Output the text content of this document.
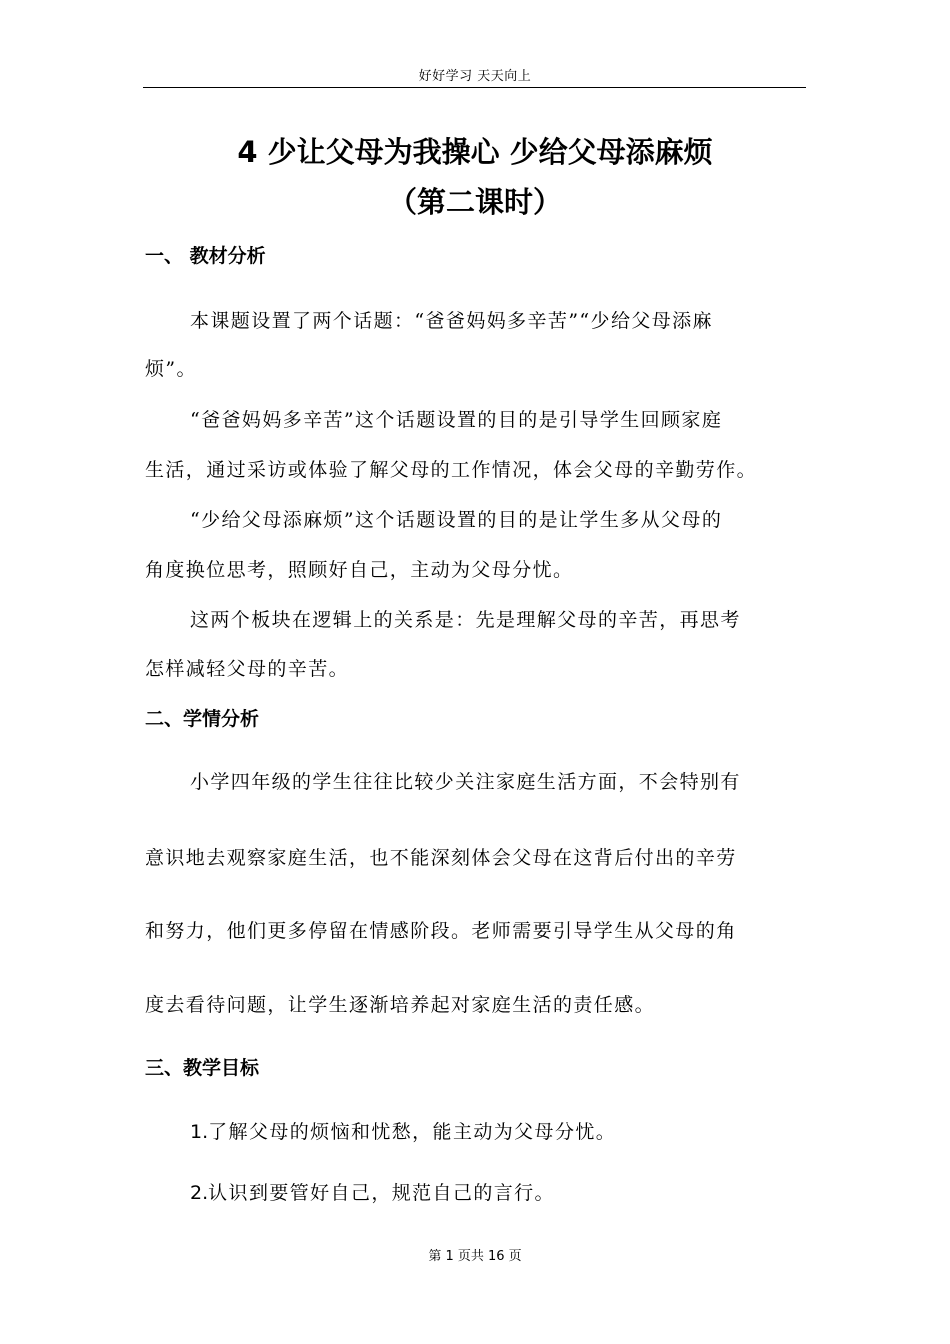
好好学习 天天向上
4 少让父母为我操心 少给父母添麻烦
（第二课时）
一、 教材分析
本课题设置了两个话题：“爸爸妈妈多辛苦”“少给父母添麻
烦”。
“爸爸妈妈多辛苦”这个话题设置的目的是引导学生回顾家庭
生活，通过采访或体验了解父母的工作情况，体会父母的辛勤劳作。
“少给父母添麻烦”这个话题设置的目的是让学生多从父母的
角度换位思考，照顾好自己，主动为父母分忧。
这两个板块在逻辑上的关系是：先是理解父母的辛苦，再思考
怎样减轻父母的辛苦。
二、学情分析
小学四年级的学生往往比较少关注家庭生活方面，不会特别有
意识地去观察家庭生活，也不能深刻体会父母在这背后付出的辛劳
和努力，他们更多停留在情感阶段。老师需要引导学生从父母的角
度去看待问题，让学生逐渐培养起对家庭生活的责任感。
三、教学目标
1.了解父母的烦恼和忧愁，能主动为父母分忧。
2.认识到要管好自己，规范自己的言行。
第 1 页共 16 页
